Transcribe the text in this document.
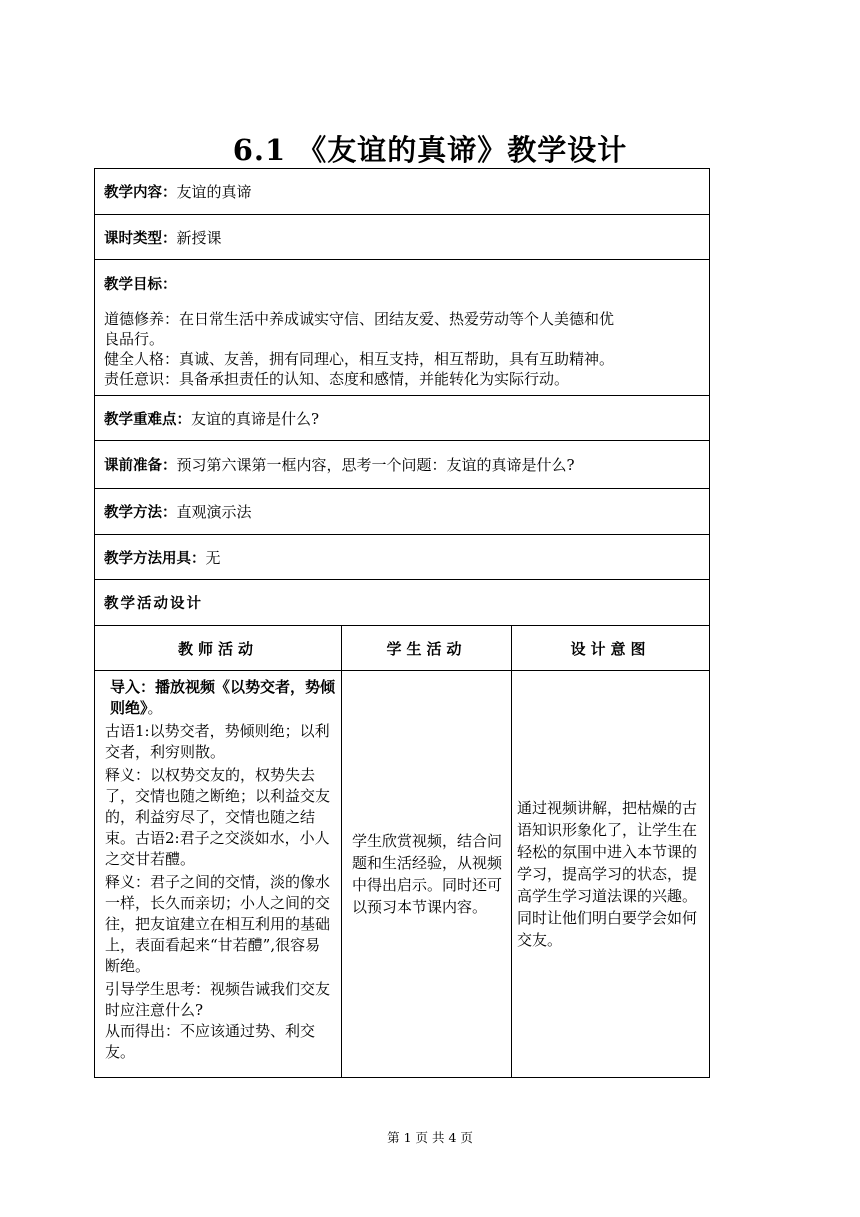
6.1 《友谊的真谛》教学设计
教学内容： 友谊的真谛
课时类型： 新授课

教学目标：

道德修养：在日常生活中养成诚实守信、团结友爱、热爱劳动等个人美德和优

良品行。

健全人格：真诚、友善，拥有同理心，相互支持，相互帮助，具有互助精神。

责任意识：具备承担责任的认知、态度和感情，并能转化为实际行动。

教学重难点： 友谊的真谛是什么?
课前准备： 预习第六课第一框内容，思考一个问题：友谊的真谛是什么?
教学方法： 直观演示法
教学方法用具： 无
教学活动设计
教师活动	学生活动	设计意图

导入：播放视频《以势交者，势倾则绝》。

古语1:以势交者，势倾则绝；以利交者，利穷则散。

释义：以权势交友的，权势失去了，交情也随之断绝；以利益交友的，利益穷尽了，交情也随之结束。古语2:君子之交淡如水，小人之交甘若醴。

释义：君子之间的交情，淡的像水一样，长久而亲切；小人之间的交往，把友谊建立在相互利用的基础上，表面看起来“甘若醴”,很容易断绝。

引导学生思考：视频告诫我们交友时应注意什么?

从而得出：不应该通过势、利交友。

学生欣赏视频，结合问题和生活经验，从视频中得出启示。同时还可以预习本节课内容。

通过视频讲解，把枯燥的古语知识形象化了，让学生在轻松的氛围中进入本节课的学习，提高学习的状态，提高学生学习道法课的兴趣。同时让他们明白要学会如何交友。

第 1 页 共 4 页
